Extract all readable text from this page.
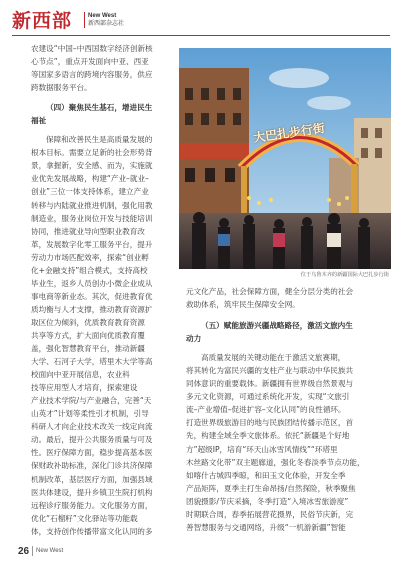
新西部	New West
新西部杂志社

农建设“中国–中西国数字经济创新核

心节点”，重点开发面向中亚、西亚

等国家多语言的跨境内容服务，供应

跨数据服务平台。

（四）聚焦民生基石，增进民生
福祉

保障和改善民生是高质量发展的

根本目标。需要立足新的社会形势背

景，拿握新，安全感、而为，实施就

业优先发展战略，构建“产业–就业–

创业”三位一体支持体系，建立产业

转移与内陆就业推进机制，强化用教

制造业，服务业岗位开发与技能培训

协同，推进就业导向型职业教育改

革，发展数字化零工服务平台，提升

劳动力市场匹配效率，探索“创业孵

化+金融支持”组合模式，支持高校

毕业生，返乡人员创办小微企业成从

事电商等新业态。其次，促进教育优

质均衡与人才支撑，推动教育资源扩

取区位为倾斜，优质教育教育资源

共享等方式，扩大面向优质教育覆

盖，强化智慧教育平台，推动新疆

大学、石河子大学，塔里木大学等高

校面向中亚开展信息，农业科

技等应用型人才培育，探索建设

产业技术学院/与产业融合，完善“天

山英才”计划等柔性引才机制，引导

科研人才向企业技术改关一线定向流

动。最后，提升公共服务质量与可及

性。医疗保障方面，稳步提高基本医

保财政补助标准，深化门诊共济保障

机制改革，基层医疗方面，加强县域

医共体建设，提升乡镇卫生院打机构

远程诊疗服务能力。文化服务方面，

优化“石榴籽”文化驿站等功能载

体，支持创作传播带富文化认同的多

大巴扎步行街
位于乌鲁木齐的新疆国际大巴扎步行街

元文化产品，社会保障方面，健全分层分类的社会

救助体系，筑牢民生保障安全网。

（五）赋能旅游兴疆战略路径，激活文旅内生
动力

高质量发展的关键动能在于激活文旅赛期，

将其转化为富民兴疆的支柱产业与联动中华民族共

同体意识的重要载体。新疆拥有世界级自然景观与

多元文化资源，可通过系统化开发，实现“文旅引

流–产业增值–促进扩容–文化认同”的良性循环。

打造世界级旅游目的地与民族团结传播示范区，首

先，构建全域全季文旅体系。依托“新疆是个好地

方”超级IP，培育“环天山冰雪风情线”“环塔里

木丝路文化带”双主题廊道，强化冬春淡季节点功能，

如喀什古城四季晾，和田玉文化体验，开发全季

产品矩阵，夏季主打生命昂扬/自然探险，秋季聚焦

团貌摄影/节庆采摘，冬季打造“入境冰雪旅游度”

时期联合周，春季拓展营花摄界，民俗节庆新，完

善智慧服务与交通网络，升级“一机游新疆”智能

26 New West
